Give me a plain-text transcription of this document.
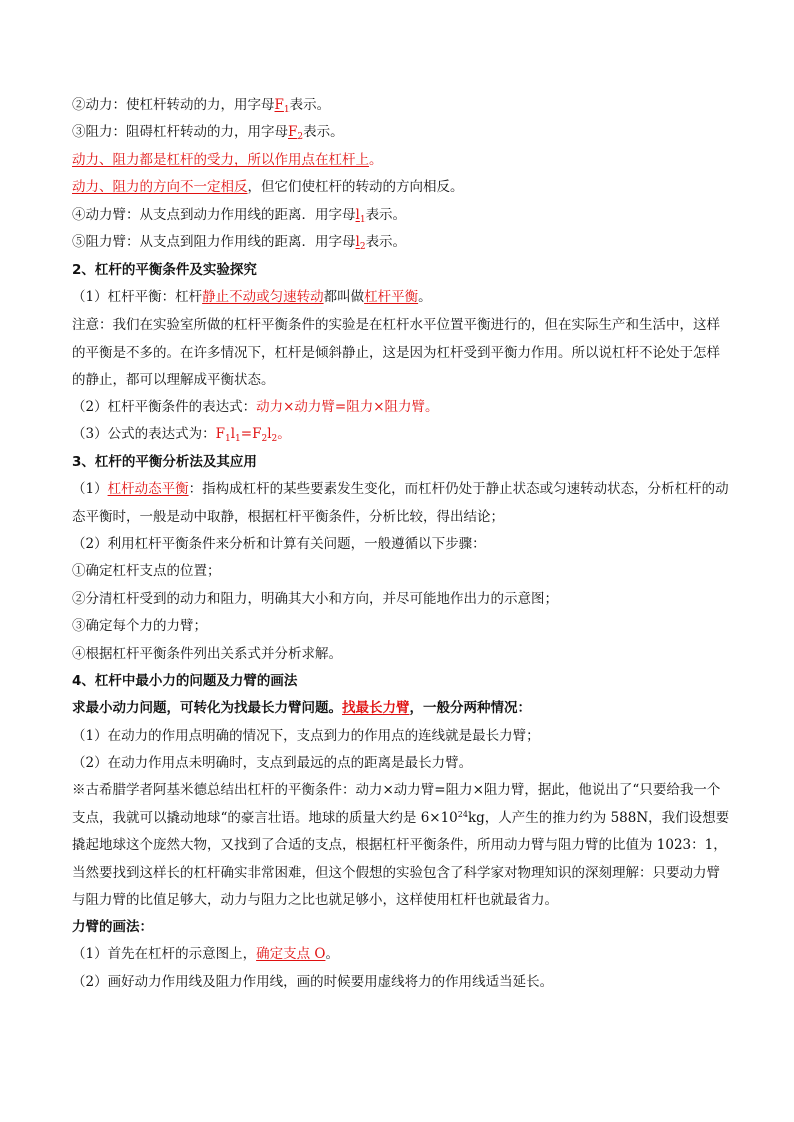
②动力：使杠杆转动的力，用字母$F_1$表示。
③阻力：阻碍杠杆转动的力，用字母$F_2$表示。
动力、阻力都是杠杆的受力，所以作用点在杠杆上。
动力、阻力的方向不一定相反，但它们使杠杆的转动的方向相反。
④动力臂：从支点到动力作用线的距离．用字母$l_1$表示。
⑤阻力臂：从支点到阻力作用线的距离．用字母$l_2$表示。
2、杠杆的平衡条件及实验探究
（1）杠杆平衡：杠杆静止不动或匀速转动都叫做杠杆平衡。
注意：我们在实验室所做的杠杆平衡条件的实验是在杠杆水平位置平衡进行的，但在实际生产和生活中，这样的平衡是不多的。在许多情况下，杠杆是倾斜静止，这是因为杠杆受到平衡力作用。所以说杠杆不论处于怎样的静止，都可以理解成平衡状态。
（2）杠杆平衡条件的表达式：动力×动力臂=阻力×阻力臂。
（3）公式的表达式为：$F_1l_1=F_2l_2$。
3、杠杆的平衡分析法及其应用
（1）杠杆动态平衡：指构成杠杆的某些要素发生变化，而杠杆仍处于静止状态或匀速转动状态，分析杠杆的动态平衡时，一般是动中取静，根据杠杆平衡条件，分析比较，得出结论；
（2）利用杠杆平衡条件来分析和计算有关问题，一般遵循以下步骤：
①确定杠杆支点的位置；
②分清杠杆受到的动力和阻力，明确其大小和方向，并尽可能地作出力的示意图；
③确定每个力的力臂；
④根据杠杆平衡条件列出关系式并分析求解。
4、杠杆中最小力的问题及力臂的画法
求最小动力问题，可转化为找最长力臂问题。找最长力臂，一般分两种情况：
（1）在动力的作用点明确的情况下，支点到力的作用点的连线就是最长力臂；
（2）在动力作用点未明确时，支点到最远的点的距离是最长力臂。
※古希腊学者阿基米德总结出杠杆的平衡条件：动力×动力臂=阻力×阻力臂，据此，他说出了“只要给我一个支点，我就可以撬动地球“的豪言壮语。地球的质量大约是 $6\times 10^{24}kg$，人产生的推力约为 588N，我们设想要撬起地球这个庞然大物，又找到了合适的支点，根据杠杆平衡条件，所用动力臂与阻力臂的比值为 1023：1，当然要找到这样长的杠杆确实非常困难，但这个假想的实验包含了科学家对物理知识的深刻理解：只要动力臂与阻力臂的比值足够大，动力与阻力之比也就足够小，这样使用杠杆也就最省力。
力臂的画法：
（1）首先在杠杆的示意图上，确定支点 O。
（2）画好动力作用线及阻力作用线，画的时候要用虚线将力的作用线适当延长。
